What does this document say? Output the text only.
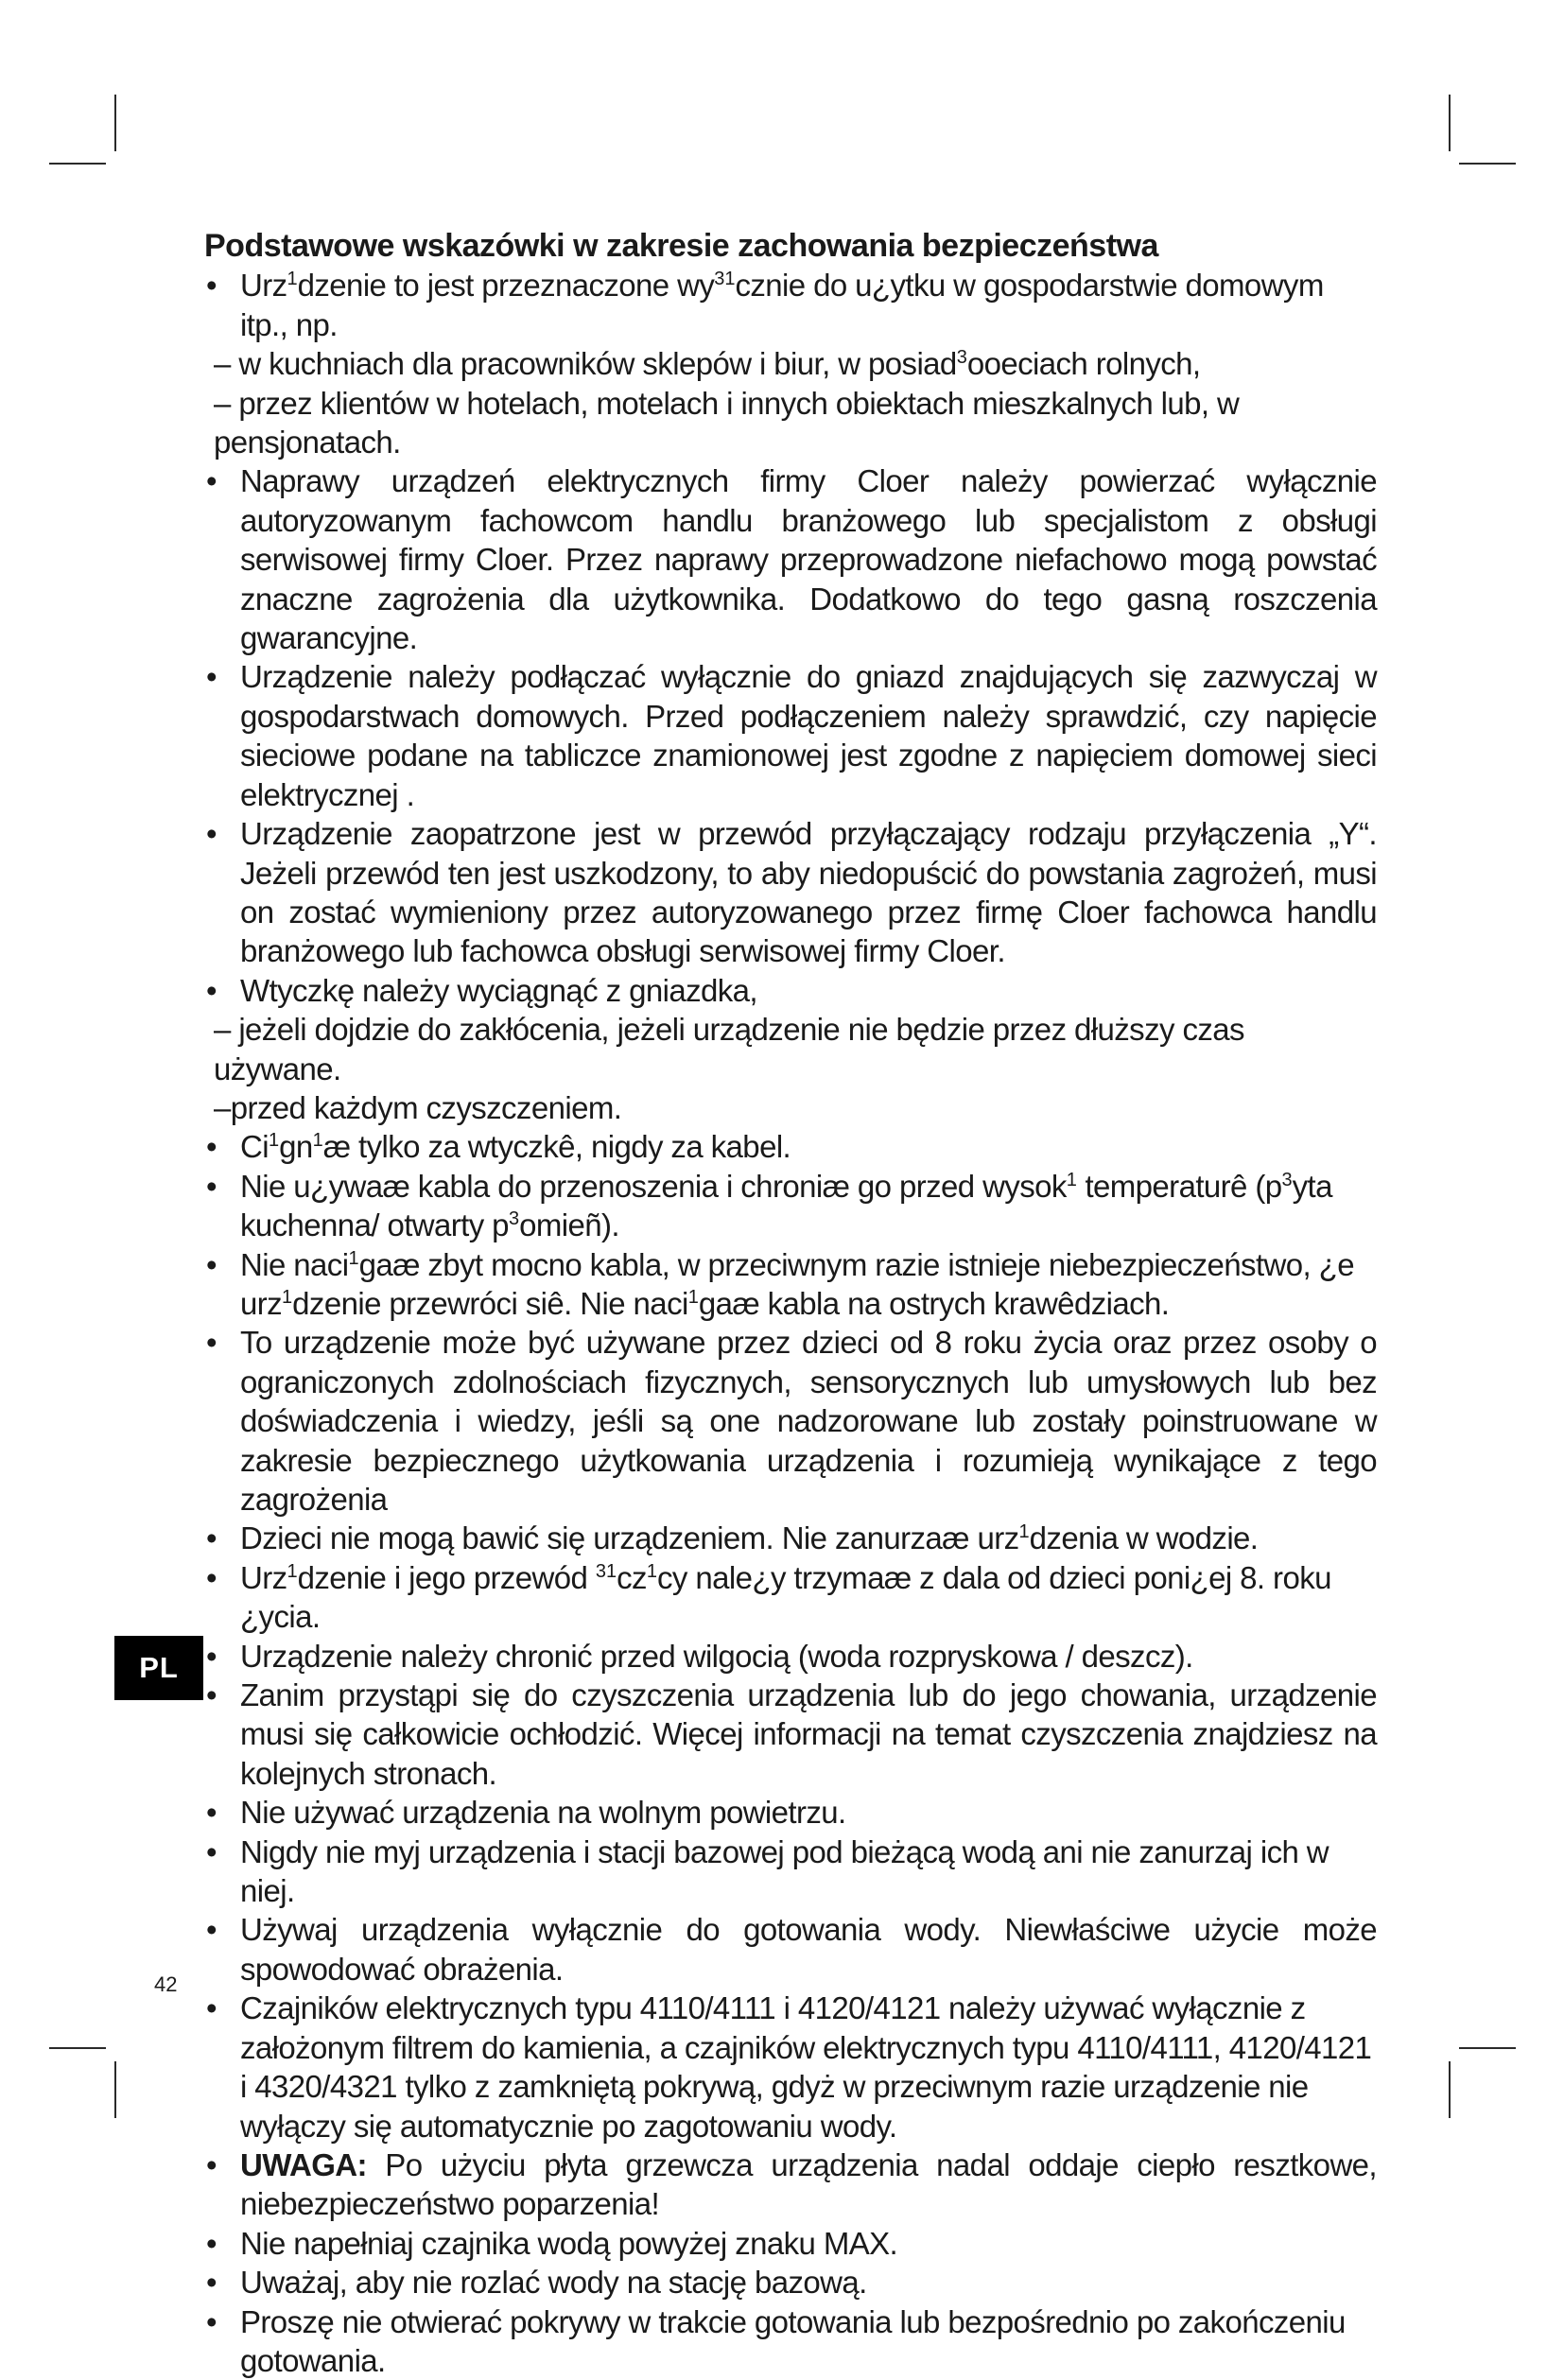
Podstawowe wskazówki w zakresie zachowania bezpieczeństwa

• Urz$^1$dzenie to jest przeznaczone $wy^{31}cznie$ do u¿ytku w gospodarstwie domowym itp., np.

– w kuchniach dla pracowników sklepów i biur, w posiad$^3$ooeciach rolnych,

– przez klientów w hotelach, motelach i innych obiektach mieszkalnych lub, w pensjonatach.

• Naprawy urządzeń elektrycznych firmy Cloer należy powierzać wyłącznie autoryzowanym fachowcom handlu branżowego lub specjalistom z obsługi serwisowej firmy Cloer. Przez naprawy przeprowadzone niefachowo mogą powstać znaczne zagrożenia dla użytkownika. Dodatkowo do tego gasną roszczenia gwarancyjne.

• Urządzenie należy podłączać wyłącznie do gniazd znajdujących się zazwyczaj w gospodarstwach domowych. Przed podłączeniem należy sprawdzić, czy napięcie sieciowe podane na tabliczce znamionowej jest zgodne z napięciem domowej sieci elektrycznej .

• Urządzenie zaopatrzone jest w przewód przyłączający rodzaju przyłączenia „Y“. Jeżeli przewód ten jest uszkodzony, to aby niedopuścić do powstania zagrożeń, musi on zostać wymieniony przez autoryzowanego przez firmę Cloer fachowca handlu branżowego lub fachowca obsługi serwisowej firmy Cloer.

• Wtyczkę należy wyciągnąć z gniazdka,

– jeżeli dojdzie do zakłócenia, jeżeli urządzenie nie będzie przez dłuższy czas używane.

–przed każdym czyszczeniem.

• $Ci^1gn^1æ$ tylko za wtyczkê, nigdy za kabel.

• Nie u¿ywaæ kabla do przenoszenia i chroniæ go przed wysok$^1$ temperaturê ($p^3yta$ kuchenna/ otwarty $p^3omieñ$).

• Nie naci$^1$gaæ zbyt mocno kabla, w przeciwnym razie istnieje niebezpieczeństwo, ¿e urz$^1$dzenie przewróci siê. Nie naci$^1$gaæ kabla na ostrych krawêdziach.

• To urządzenie może być używane przez dzieci od 8 roku życia oraz przez osoby o ograniczonych zdolnościach fizycznych, sensorycznych lub umysłowych lub bez doświadczenia i wiedzy, jeśli są one nadzorowane lub zostały poinstruowane w zakresie bezpiecznego użytkowania urządzenia i rozumieją wynikające z tego zagrożenia

• Dzieci nie mogą bawić się urządzeniem. Nie zanurzaæ urz$^1$dzenia w wodzie.

• Urz$^1$dzenie i jego przewód $^{31}cz^1cy$ nale¿y trzymaæ z dala od dzieci poni¿ej 8. roku ¿ycia.

• Urządzenie należy chronić przed wilgocią (woda rozpryskowa / deszcz).

• Zanim przystąpi się do czyszczenia urządzenia lub do jego chowania, urządzenie musi się całkowicie ochłodzić. Więcej informacji na temat czyszczenia znajdziesz na kolejnych stronach.

• Nie używać urządzenia na wolnym powietrzu.

• Nigdy nie myj urządzenia i stacji bazowej pod bieżącą wodą ani nie zanurzaj ich w niej.

• Używaj urządzenia wyłącznie do gotowania wody. Niewłaściwe użycie może spowodować obrażenia.

• Czajników elektrycznych typu 4110/4111 i 4120/4121 należy używać wyłącznie z założonym filtrem do kamienia, a czajników elektrycznych typu 4110/4111, 4120/4121 i 4320/4321 tylko z zamkniętą pokrywą, gdyż w przeciwnym razie urządzenie nie wyłączy się automatycznie po zagotowaniu wody.

• UWAGA: Po użyciu płyta grzewcza urządzenia nadal oddaje ciepło resztkowe, niebezpieczeństwo poparzenia!

• Nie napełniaj czajnika wodą powyżej znaku MAX.

• Uważaj, aby nie rozlać wody na stację bazową.

• Proszę nie otwierać pokrywy w trakcie gotowania lub bezpośrednio po zakończeniu gotowania.

PL
42
